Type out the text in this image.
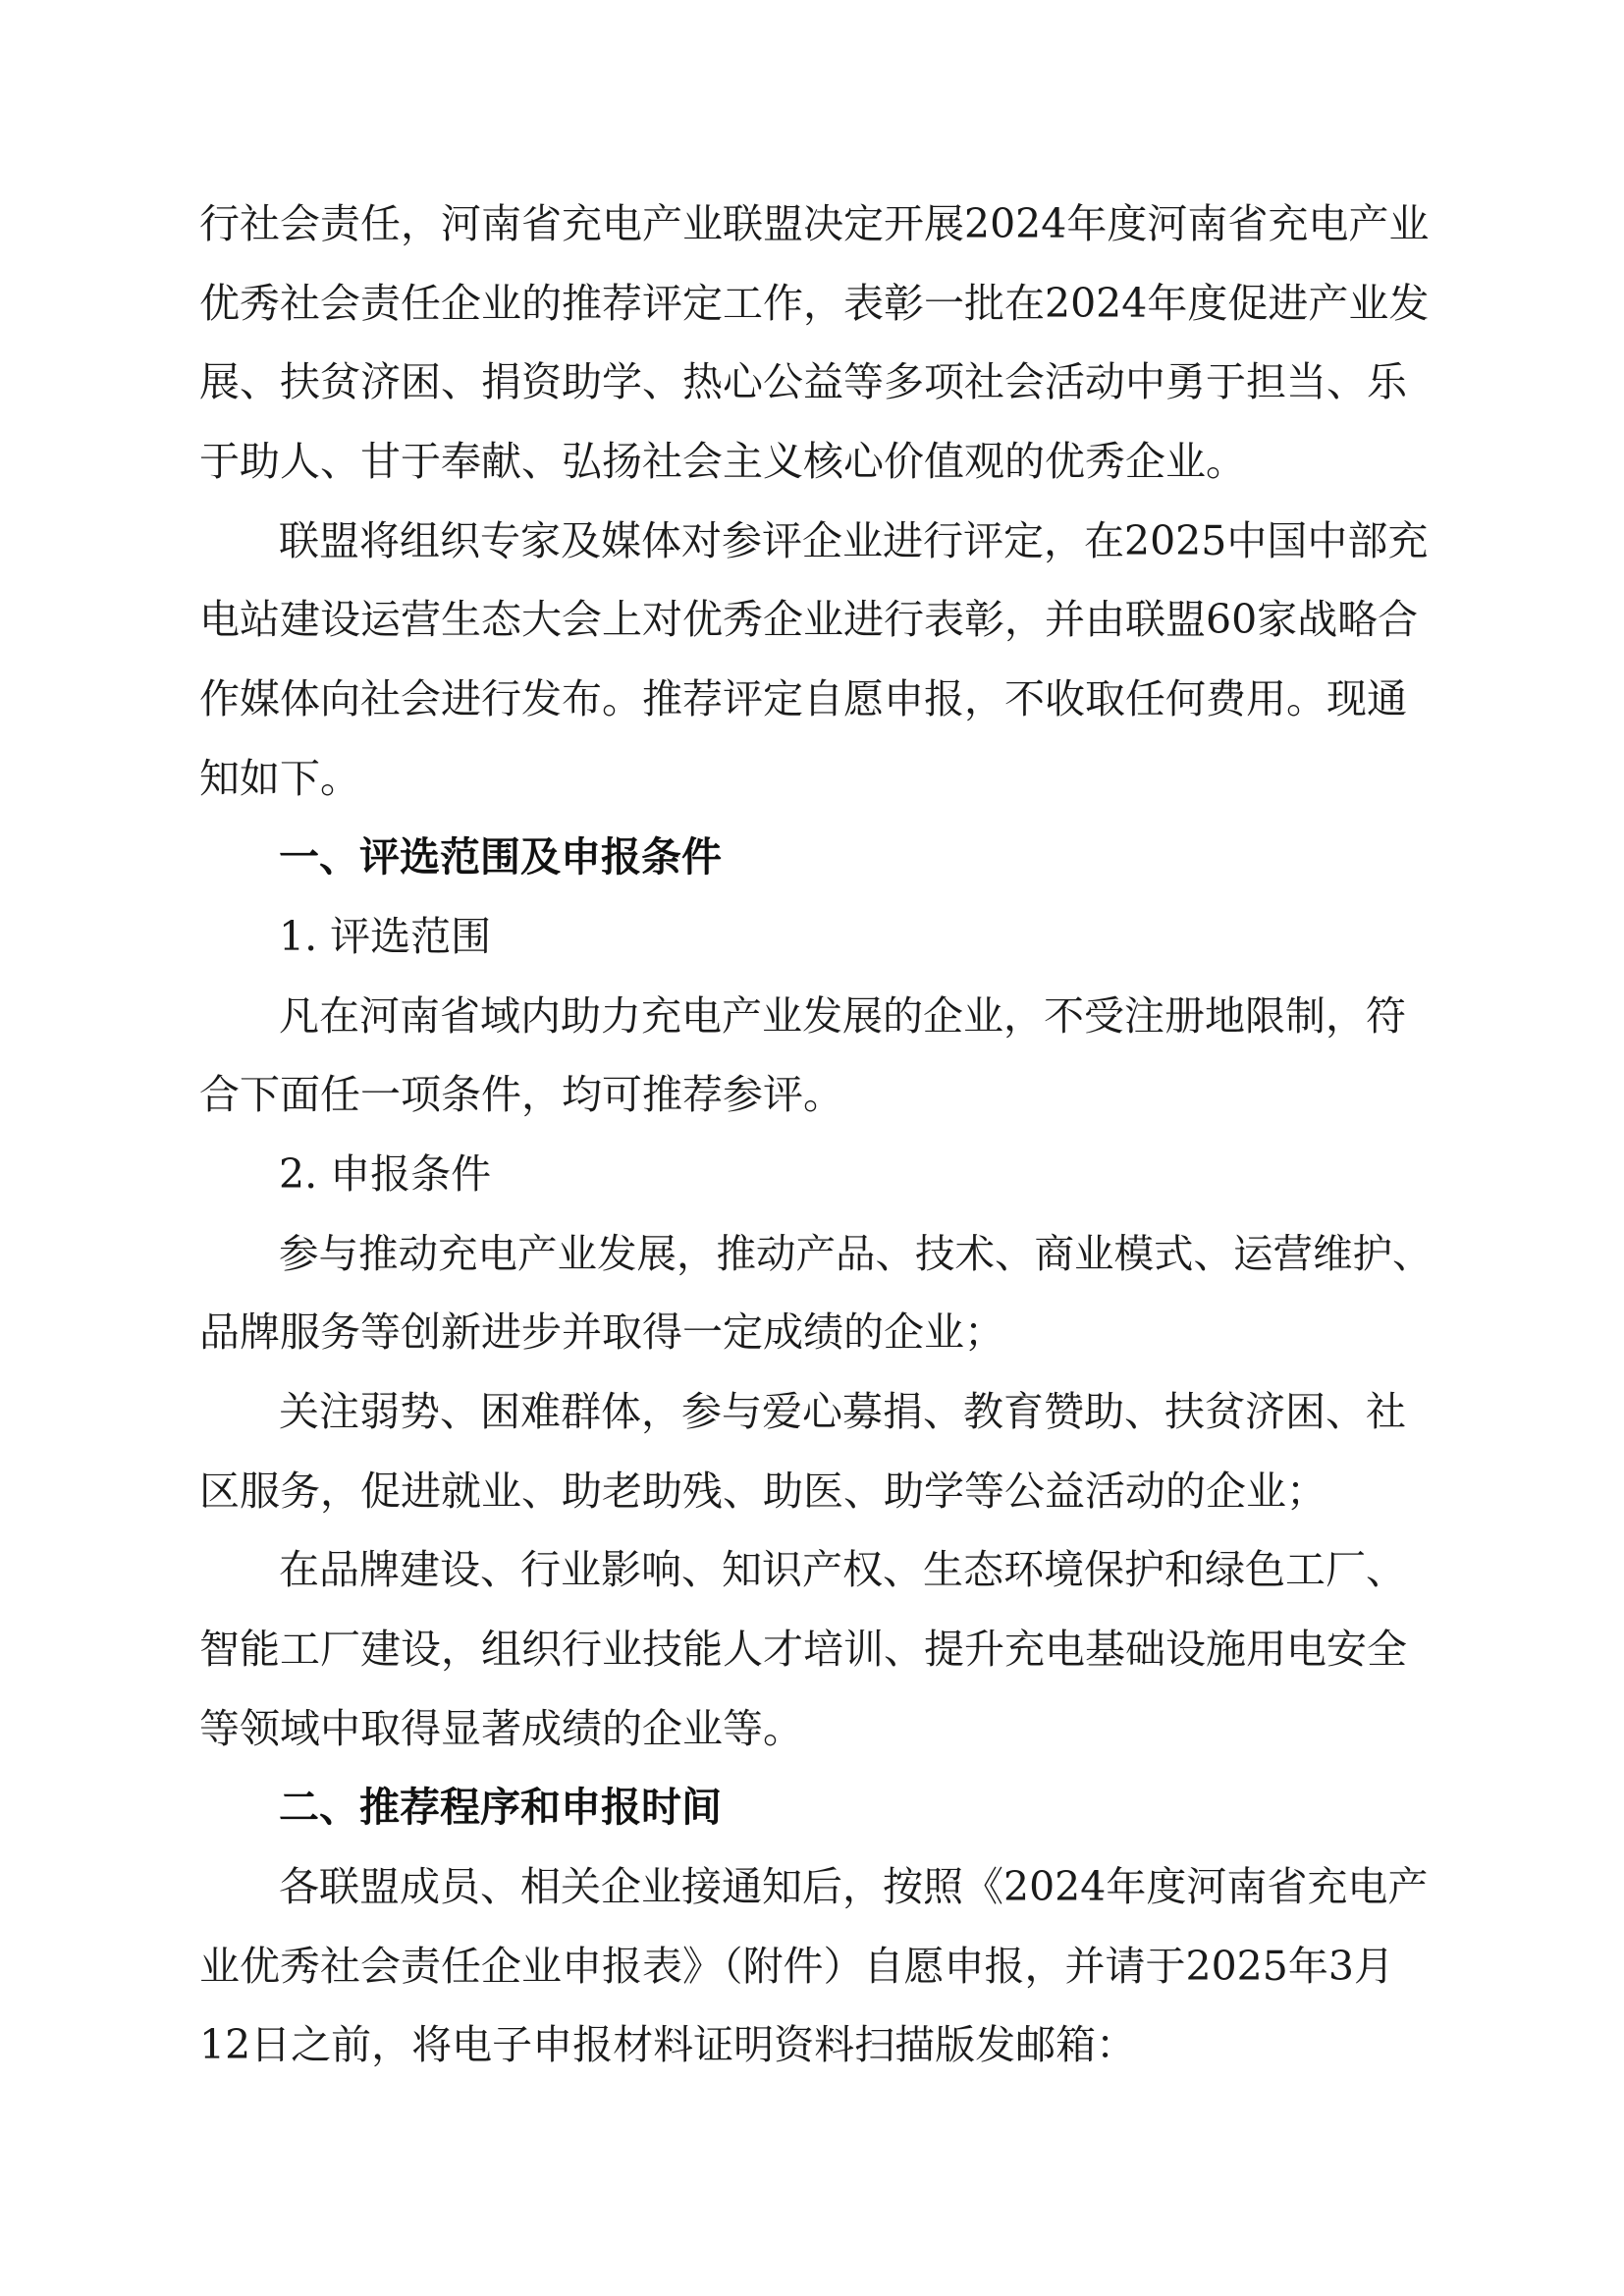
行社会责任，河南省充电产业联盟决定开展2024年度河南省充电产业
优秀社会责任企业的推荐评定工作，表彰一批在2024年度促进产业发
展、扶贫济困、捐资助学、热心公益等多项社会活动中勇于担当、乐
于助人、甘于奉献、弘扬社会主义核心价值观的优秀企业。
联盟将组织专家及媒体对参评企业进行评定，在2025中国中部充
电站建设运营生态大会上对优秀企业进行表彰，并由联盟60家战略合
作媒体向社会进行发布。推荐评定自愿申报，不收取任何费用。现通
知如下。
一、评选范围及申报条件
1. 评选范围
凡在河南省域内助力充电产业发展的企业，不受注册地限制，符
合下面任一项条件，均可推荐参评。
2. 申报条件
参与推动充电产业发展，推动产品、技术、商业模式、运营维护、
品牌服务等创新进步并取得一定成绩的企业；
关注弱势、困难群体，参与爱心募捐、教育赞助、扶贫济困、社
区服务，促进就业、助老助残、助医、助学等公益活动的企业；
在品牌建设、行业影响、知识产权、生态环境保护和绿色工厂、
智能工厂建设，组织行业技能人才培训、提升充电基础设施用电安全
等领域中取得显著成绩的企业等。
二、推荐程序和申报时间
各联盟成员、相关企业接通知后，按照《2024年度河南省充电产
业优秀社会责任企业申报表》（附件）自愿申报，并请于2025年3月
12日之前，将电子申报材料证明资料扫描版发邮箱：
